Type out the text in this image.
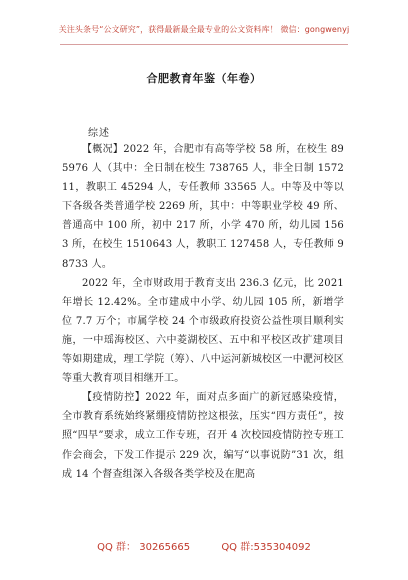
关注头条号“公文研究”，获得最新最全最专业的公文资料库！ 微信：gongwenyj
合肥教育年鉴（年卷）
综述

【概况】2022 年，合肥市有高等学校 58 所，在校生 895976 人（其中：全日制在校生 738765 人，非全日制 157211，教职工 45294 人，专任教师 33565 人。中等及中等以下各级各类普通学校 2269 所，其中：中等职业学校 49 所、普通高中 100 所，初中 217 所，小学 470 所，幼儿园 1563 所，在校生 1510643 人，教职工 127458 人，专任教师 98733 人。

2022 年，全市财政用于教育支出 236.3 亿元，比 2021 年增长 12.42%。全市建成中小学、幼儿园 105 所，新增学位 7.7 万个；市属学校 24 个市级政府投资公益性项目顺利实施，一中瑶海校区、六中菱湖校区、五中和平校区改扩建项目等如期建成，理工学院（筹）、八中运河新城校区一中淝河校区等重大教育项目相继开工。

【疫情防控】2022 年，面对点多面广的新冠感染疫情，全市教育系统始终紧绷疫情防控这根弦，压实“四方责任”，按照“四早”要求，成立工作专班，召开 4 次校园疫情防控专班工作会商会，下发工作提示 229 次，编写“以事说防”31 次，组成 14 个督查组深入各级各类学校及在肥高

QQ 群： 30265665	QQ 群:535304092
